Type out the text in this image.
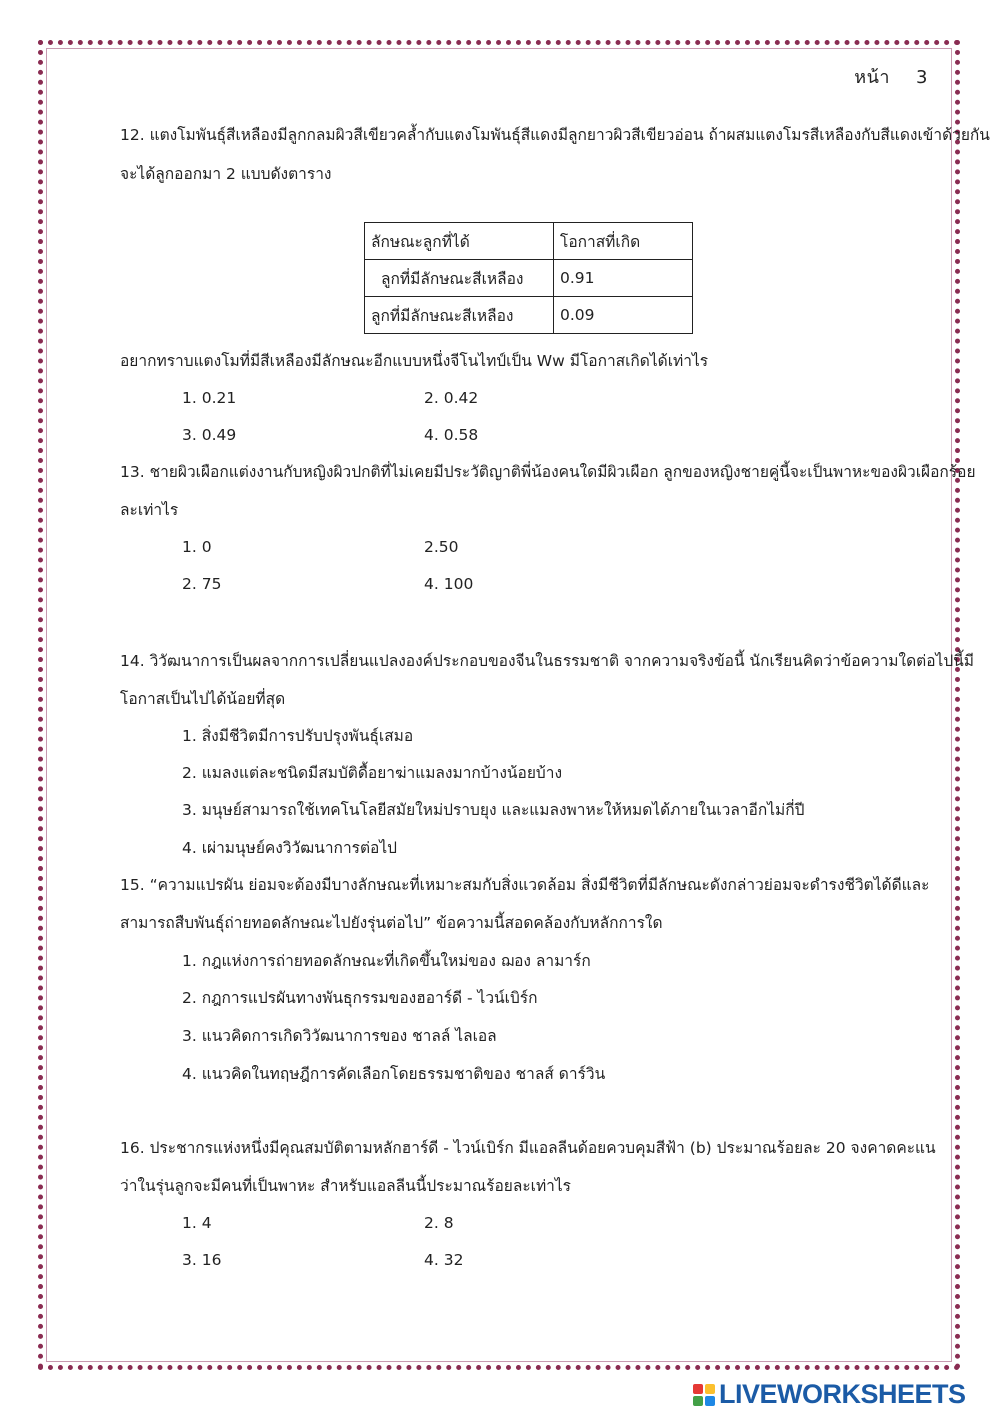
หน้า 3
12. แตงโมพันธุ์สีเหลืองมีลูกกลมผิวสีเขียวคล้ำกับแตงโมพันธุ์สีแดงมีลูกยาวผิวสีเขียวอ่อน ถ้าผสมแตงโมรสีเหลืองกับสีแดงเข้าด้วยกัน
จะได้ลูกออกมา 2 แบบดังตาราง
ลักษณะลูกที่ได้	โอกาสที่เกิด
ลูกที่มีลักษณะสีเหลือง	0.91
ลูกที่มีลักษณะสีเหลือง	0.09
อยากทราบแตงโมที่มีสีเหลืองมีลักษณะอีกแบบหนึ่งจีโนไทป์เป็น Ww มีโอกาสเกิดได้เท่าไร
1. 0.21	2. 0.42
3. 0.49	4. 0.58
13. ชายผิวเผือกแต่งงานกับหญิงผิวปกติที่ไม่เคยมีประวัติญาติพี่น้องคนใดมีผิวเผือก ลูกของหญิงชายคู่นี้จะเป็นพาหะของผิวเผือกร้อย
ละเท่าไร
1. 0	2.50
2. 75	4. 100
14. วิวัฒนาการเป็นผลจากการเปลี่ยนแปลงองค์ประกอบของจีนในธรรมชาติ จากความจริงข้อนี้ นักเรียนคิดว่าข้อความใดต่อไปนี้มี
โอกาสเป็นไปได้น้อยที่สุด
1. สิ่งมีชีวิตมีการปรับปรุงพันธุ์เสมอ
2. แมลงแต่ละชนิดมีสมบัติดื้อยาฆ่าแมลงมากบ้างน้อยบ้าง
3. มนุษย์สามารถใช้เทคโนโลยีสมัยใหม่ปราบยุง และแมลงพาหะให้หมดได้ภายในเวลาอีกไม่กี่ปี
4. เผ่ามนุษย์คงวิวัฒนาการต่อไป
15. “ความแปรผัน ย่อมจะต้องมีบางลักษณะที่เหมาะสมกับสิ่งแวดล้อม สิ่งมีชีวิตที่มีลักษณะดังกล่าวย่อมจะดำรงชีวิตได้ดีและ
สามารถสืบพันธุ์ถ่ายทอดลักษณะไปยังรุ่นต่อไป” ข้อความนี้สอดคล้องกับหลักการใด
1. กฎแห่งการถ่ายทอดลักษณะที่เกิดขึ้นใหม่ของ ฌอง ลามาร์ก
2. กฎการแปรผันทางพันธุกรรมของฮอาร์ดี - ไวน์เบิร์ก
3. แนวคิดการเกิดวิวัฒนาการของ ชาลล์ ไลเอล
4. แนวคิดในทฤษฎีการคัดเลือกโดยธรรมชาติของ ชาลส์ ดาร์วิน
16. ประชากรแห่งหนึ่งมีคุณสมบัติตามหลักฮาร์ดี - ไวน์เบิร์ก มีแอลลีนด้อยควบคุมสีฟ้า (b) ประมาณร้อยละ 20 จงคาดคะแน
ว่าในรุ่นลูกจะมีคนที่เป็นพาหะ สำหรับแอลลีนนี้ประมาณร้อยละเท่าไร
1. 4	2. 8
3. 16	4. 32
LIVEWORKSHEETS
